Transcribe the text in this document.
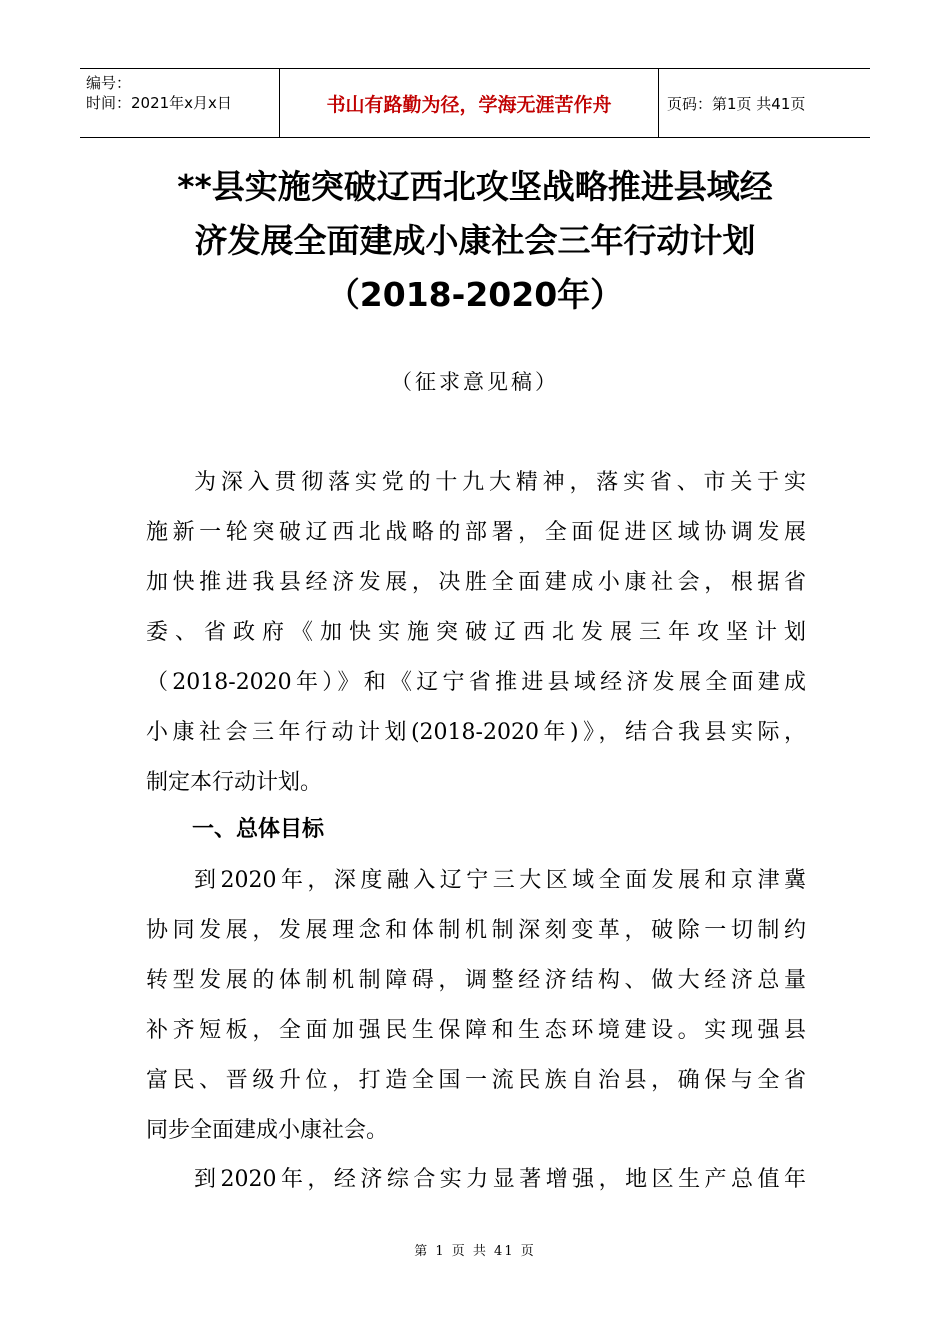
编号：
时间：2021年x月x日	书山有路勤为径，学海无涯苦作舟	页码：第1页 共41页
**县实施突破辽西北攻坚战略推进县域经
济发展全面建成小康社会三年行动计划
（2018-2020年）
（征求意见稿）
为深入贯彻落实党的十九大精神，落实省、市关于实
施新一轮突破辽西北战略的部署，全面促进区域协调发展
加快推进我县经济发展，决胜全面建成小康社会，根据省
委、省政府《加快实施突破辽西北发展三年攻坚计划
（2018-2020年）》和《辽宁省推进县域经济发展全面建成
小康社会三年行动计划(2018-2020年)》，结合我县实际，
制定本行动计划。
一、总体目标
到2020年，深度融入辽宁三大区域全面发展和京津冀
协同发展，发展理念和体制机制深刻变革，破除一切制约
转型发展的体制机制障碍，调整经济结构、做大经济总量
补齐短板，全面加强民生保障和生态环境建设。实现强县
富民、晋级升位，打造全国一流民族自治县，确保与全省
同步全面建成小康社会。
到2020年，经济综合实力显著增强，地区生产总值年
第 1 页 共 41 页
